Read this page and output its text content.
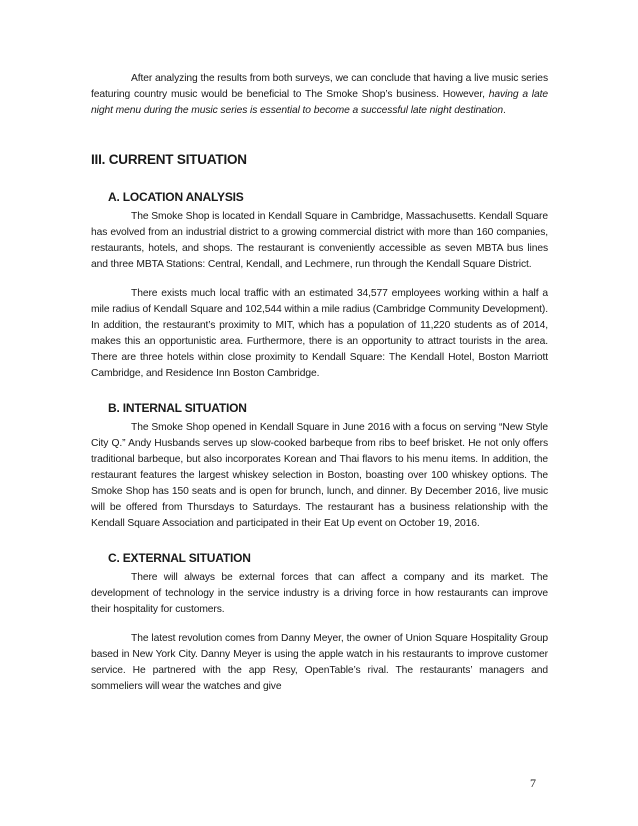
After analyzing the results from both surveys, we can conclude that having a live music series featuring country music would be beneficial to The Smoke Shop’s business. However, having a late night menu during the music series is essential to become a successful late night destination.

III. CURRENT SITUATION
A. LOCATION ANALYSIS

The Smoke Shop is located in Kendall Square in Cambridge, Massachusetts. Kendall Square has evolved from an industrial district to a growing commercial district with more than 160 companies, restaurants, hotels, and shops. The restaurant is conveniently accessible as seven MBTA bus lines and three MBTA Stations: Central, Kendall, and Lechmere, run through the Kendall Square District.

There exists much local traffic with an estimated 34,577 employees working within a half a mile radius of Kendall Square and 102,544 within a mile radius (Cambridge Community Development). In addition, the restaurant’s proximity to MIT, which has a population of 11,220 students as of 2014, makes this an opportunistic area. Furthermore, there is an opportunity to attract tourists in the area. There are three hotels within close proximity to Kendall Square: The Kendall Hotel, Boston Marriott Cambridge, and Residence Inn Boston Cambridge.

B. INTERNAL SITUATION

The Smoke Shop opened in Kendall Square in June 2016 with a focus on serving “New Style City Q.” Andy Husbands serves up slow-cooked barbeque from ribs to beef brisket. He not only offers traditional barbeque, but also incorporates Korean and Thai flavors to his menu items. In addition, the restaurant features the largest whiskey selection in Boston, boasting over 100 whiskey options. The Smoke Shop has 150 seats and is open for brunch, lunch, and dinner. By December 2016, live music will be offered from Thursdays to Saturdays. The restaurant has a business relationship with the Kendall Square Association and participated in their Eat Up event on October 19, 2016.

C. EXTERNAL SITUATION

There will always be external forces that can affect a company and its market. The development of technology in the service industry is a driving force in how restaurants can improve their hospitality for customers.

The latest revolution comes from Danny Meyer, the owner of Union Square Hospitality Group based in New York City. Danny Meyer is using the apple watch in his restaurants to improve customer service. He partnered with the app Resy, OpenTable’s rival. The restaurants’ managers and sommeliers will wear the watches and give

7
